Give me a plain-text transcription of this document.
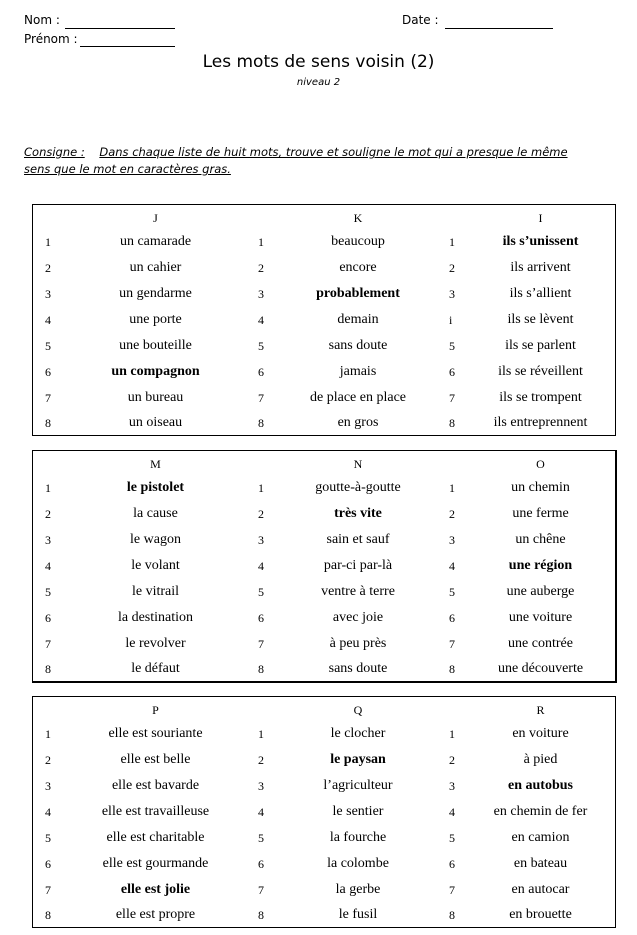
Nom :
Prénom :
Date :
Les mots de sens voisin (2)
niveau 2
Consigne : Dans chaque liste de huit mots, trouve et souligne le mot qui a presque le même
sens que le mot en caractères gras.
J	K	I
1	un camarade	1	beaucoup	1	ils s’unissent
2	un cahier	2	encore	2	ils arrivent
3	un gendarme	3	probablement	3	ils s’allient
4	une porte	4	demain	i	ils se lèvent
5	une bouteille	5	sans doute	5	ils se parlent
6	un compagnon	6	jamais	6	ils se réveillent
7	un bureau	7	de place en place	7	ils se trompent
8	un oiseau	8	en gros	8	ils entreprennent
M	N	O
1	le pistolet	1	goutte-à-goutte	1	un chemin
2	la cause	2	très vite	2	une ferme
3	le wagon	3	sain et sauf	3	un chêne
4	le volant	4	par-ci par-là	4	une région
5	le vitrail	5	ventre à terre	5	une auberge
6	la destination	6	avec joie	6	une voiture
7	le revolver	7	à peu près	7	une contrée
8	le défaut	8	sans doute	8	une découverte
P	Q	R
1	elle est souriante	1	le clocher	1	en voiture
2	elle est belle	2	le paysan	2	à pied
3	elle est bavarde	3	l’agriculteur	3	en autobus
4	elle est travailleuse	4	le sentier	4	en chemin de fer
5	elle est charitable	5	la fourche	5	en camion
6	elle est gourmande	6	la colombe	6	en bateau
7	elle est jolie	7	la gerbe	7	en autocar
8	elle est propre	8	le fusil	8	en brouette
